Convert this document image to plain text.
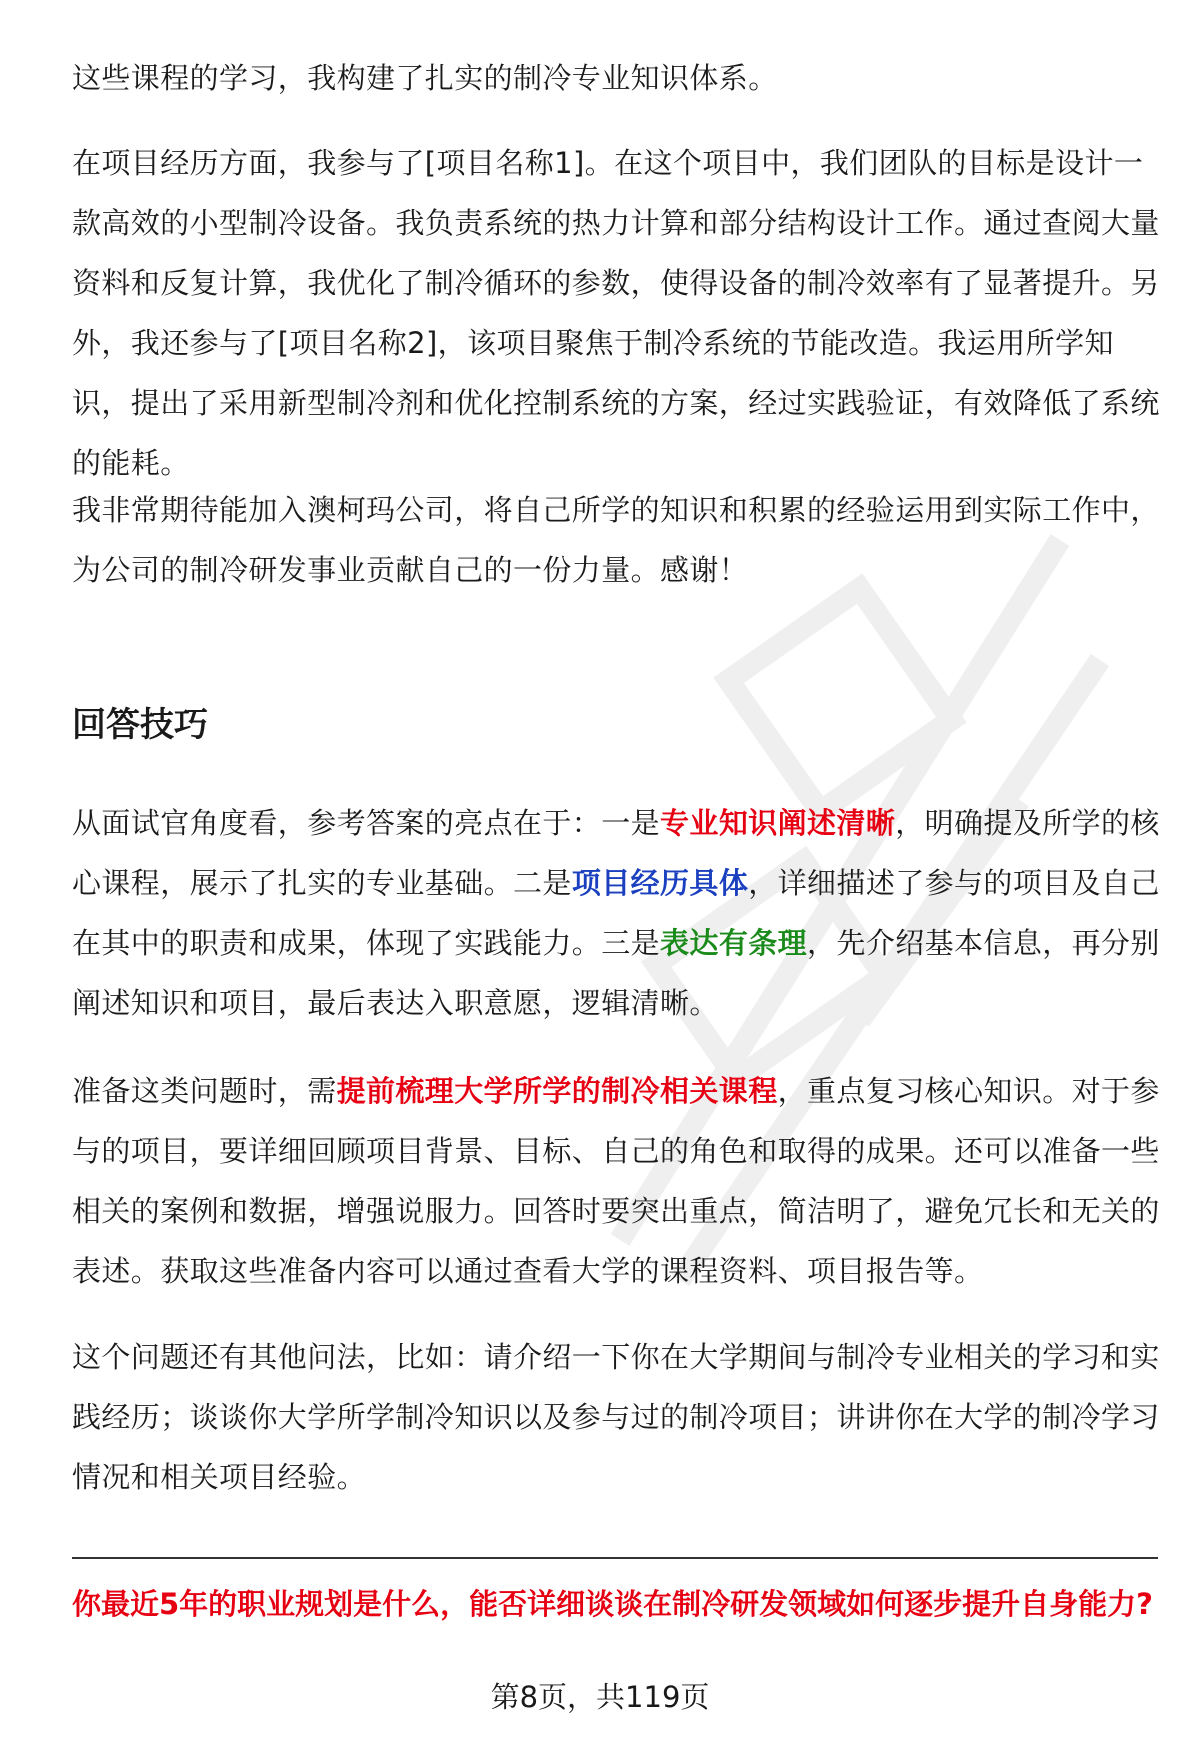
这些课程的学习，我构建了扎实的制冷专业知识体系。

在项目经历方面，我参与了[项目名称1]。在这个项目中，我们团队的目标是设计一款高效的小型制冷设备。我负责系统的热力计算和部分结构设计工作。通过查阅大量资料和反复计算，我优化了制冷循环的参数，使得设备的制冷效率有了显著提升。另外，我还参与了[项目名称2]，该项目聚焦于制冷系统的节能改造。我运用所学知识，提出了采用新型制冷剂和优化控制系统的方案，经过实践验证，有效降低了系统的能耗。

我非常期待能加入澳柯玛公司，将自己所学的知识和积累的经验运用到实际工作中，为公司的制冷研发事业贡献自己的一份力量。感谢！

回答技巧

从面试官角度看，参考答案的亮点在于：一是专业知识阐述清晰，明确提及所学的核心课程，展示了扎实的专业基础。二是项目经历具体，详细描述了参与的项目及自己在其中的职责和成果，体现了实践能力。三是表达有条理，先介绍基本信息，再分别阐述知识和项目，最后表达入职意愿，逻辑清晰。

准备这类问题时，需提前梳理大学所学的制冷相关课程，重点复习核心知识。对于参与的项目，要详细回顾项目背景、目标、自己的角色和取得的成果。还可以准备一些相关的案例和数据，增强说服力。回答时要突出重点，简洁明了，避免冗长和无关的表述。获取这些准备内容可以通过查看大学的课程资料、项目报告等。

这个问题还有其他问法，比如：请介绍一下你在大学期间与制冷专业相关的学习和实践经历；谈谈你大学所学制冷知识以及参与过的制冷项目；讲讲你在大学的制冷学习情况和相关项目经验。

你最近5年的职业规划是什么，能否详细谈谈在制冷研发领域如何逐步提升自身能力?

第8页，共119页
